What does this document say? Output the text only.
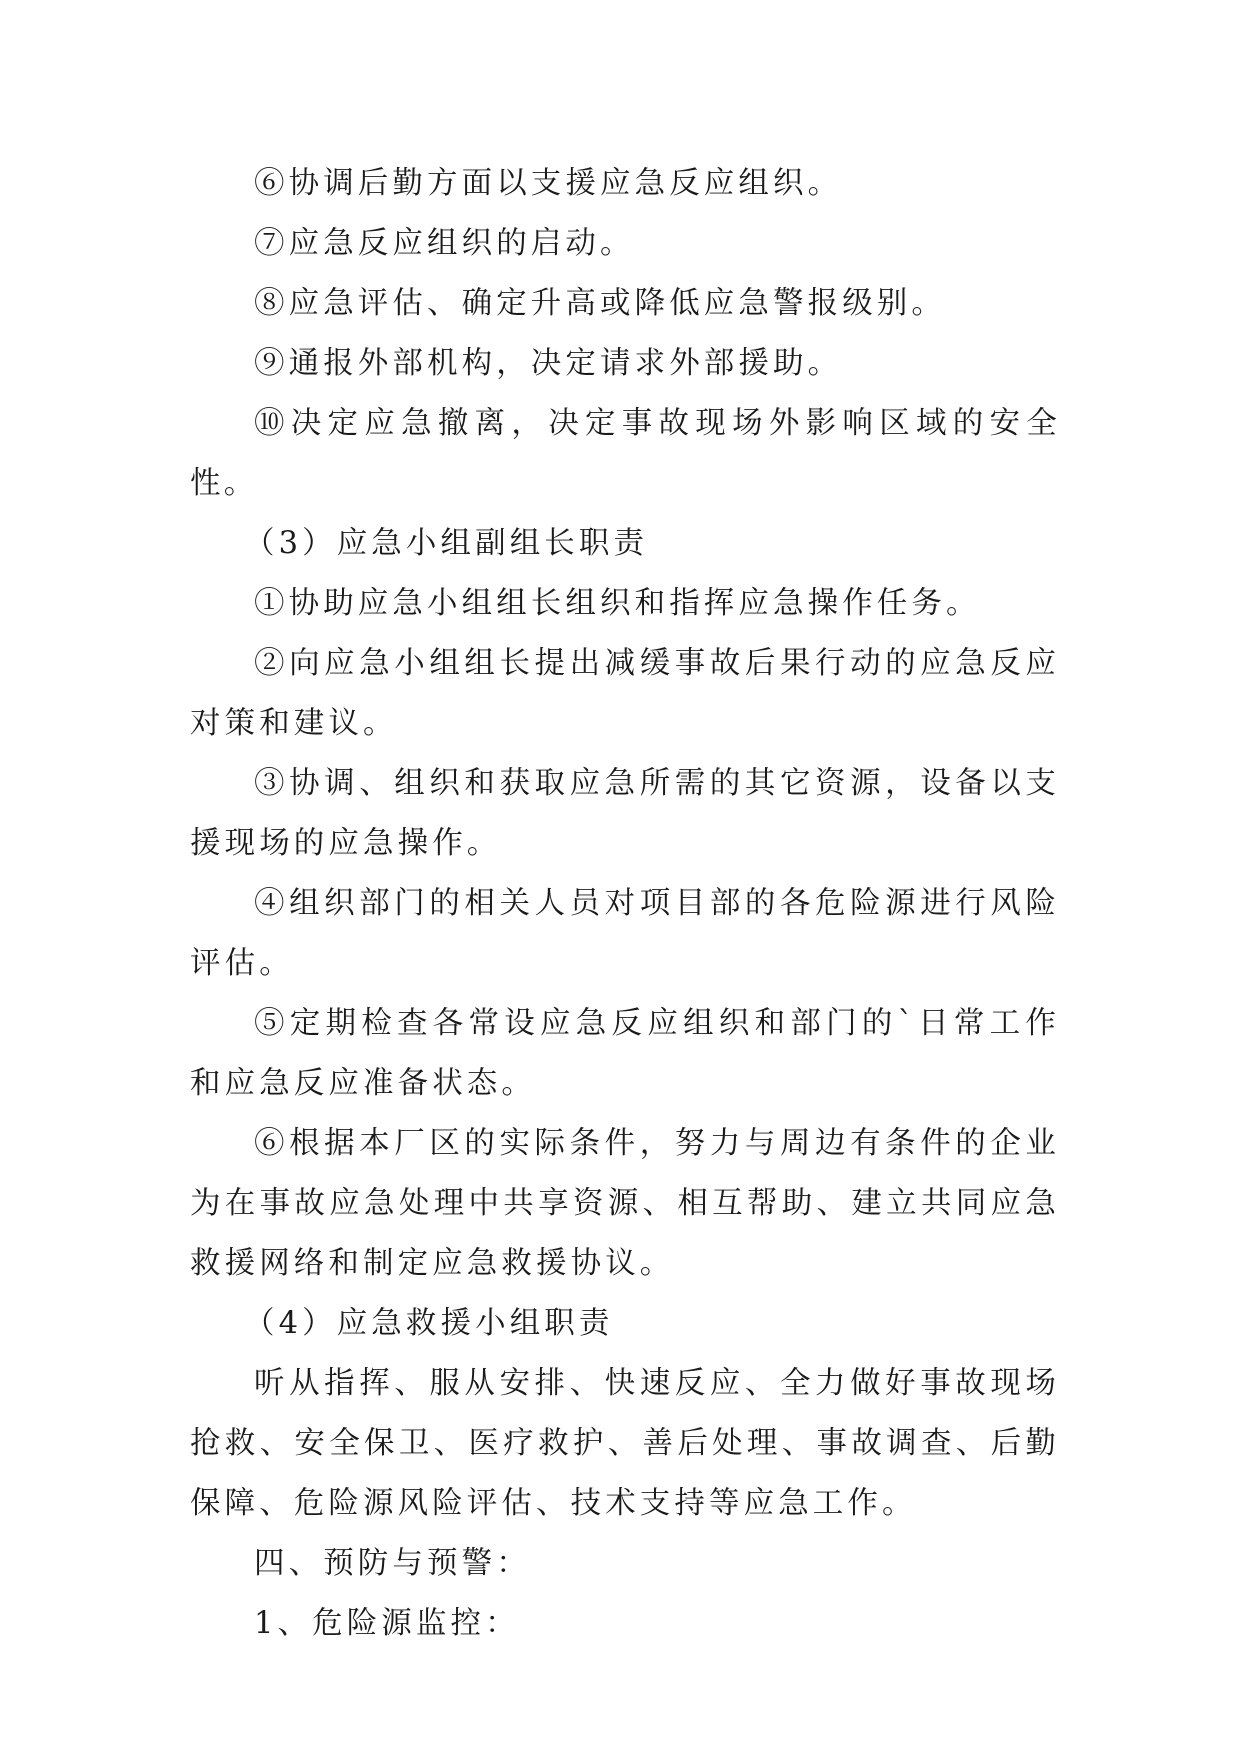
⑥协调后勤方面以支援应急反应组织。

⑦应急反应组织的启动。

⑧应急评估、确定升高或降低应急警报级别。

⑨通报外部机构，决定请求外部援助。

⑩决定应急撤离，决定事故现场外影响区域的安全性。

（3）应急小组副组长职责

①协助应急小组组长组织和指挥应急操作任务。

②向应急小组组长提出减缓事故后果行动的应急反应对策和建议。

③协调、组织和获取应急所需的其它资源，设备以支援现场的应急操作。

④组织部门的相关人员对项目部的各危险源进行风险评估。

⑤定期检查各常设应急反应组织和部门的`日常工作和应急反应准备状态。

⑥根据本厂区的实际条件，努力与周边有条件的企业为在事故应急处理中共享资源、相互帮助、建立共同应急救援网络和制定应急救援协议。

（4）应急救援小组职责

听从指挥、服从安排、快速反应、全力做好事故现场抢救、安全保卫、医疗救护、善后处理、事故调查、后勤保障、危险源风险评估、技术支持等应急工作。

四、预防与预警：

1、危险源监控：
